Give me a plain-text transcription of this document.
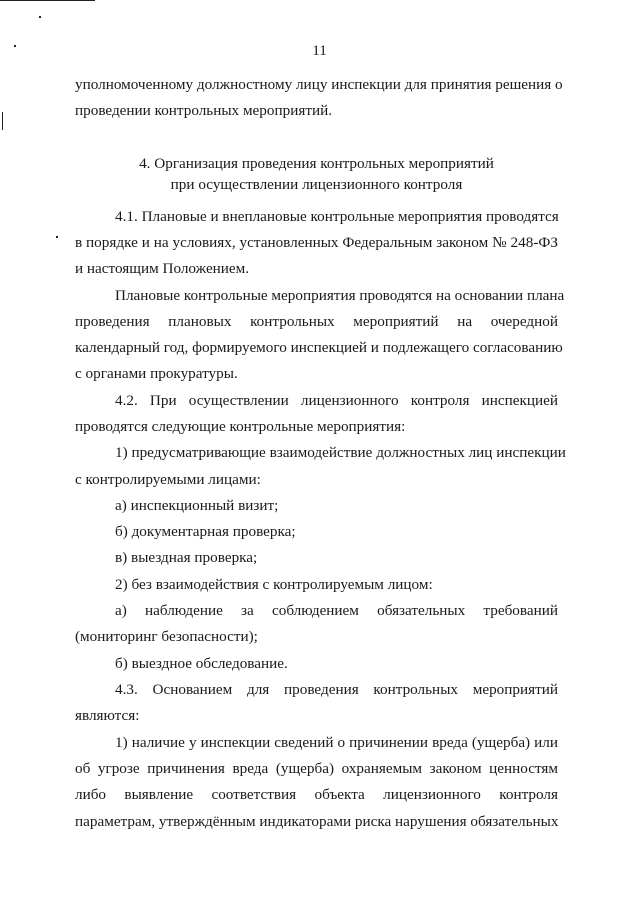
11
уполномоченному должностному лицу инспекции для принятия решения о
проведении контрольных мероприятий.
4. Организация проведения контрольных мероприятий
при осуществлении лицензионного контроля
4.1. Плановые и внеплановые контрольные мероприятия проводятся
в порядке и на условиях, установленных Федеральным законом № 248-ФЗ
и настоящим Положением.
Плановые контрольные мероприятия проводятся на основании плана
проведения плановых контрольных мероприятий на очередной
календарный год, формируемого инспекцией и подлежащего согласованию
с органами прокуратуры.
4.2. При осуществлении лицензионного контроля инспекцией
проводятся следующие контрольные мероприятия:
1) предусматривающие взаимодействие должностных лиц инспекции
с контролируемыми лицами:
а) инспекционный визит;
б) документарная проверка;
в) выездная проверка;
2) без взаимодействия с контролируемым лицом:
а) наблюдение за соблюдением обязательных требований
(мониторинг безопасности);
б) выездное обследование.
4.3. Основанием для проведения контрольных мероприятий
являются:
1) наличие у инспекции сведений о причинении вреда (ущерба) или
об угрозе причинения вреда (ущерба) охраняемым законом ценностям
либо выявление соответствия объекта лицензионного контроля
параметрам, утверждённым индикаторами риска нарушения обязательных
